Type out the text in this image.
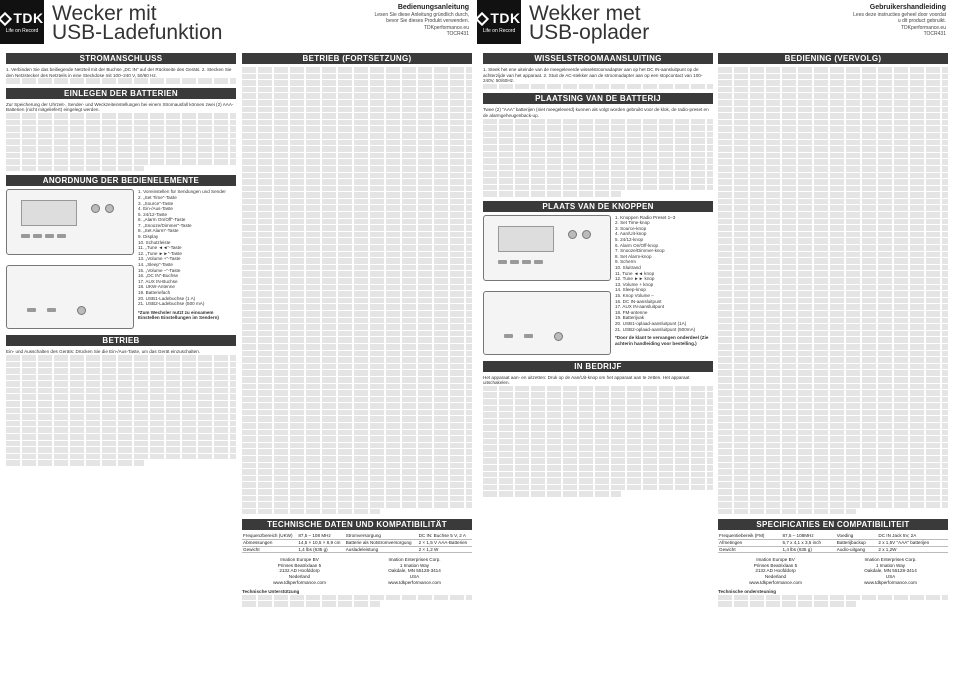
TDK
Life on Record
Wecker mit
USB-Ladefunktion
Bedienungsanleitung
Lesen Sie diese Anleitung gründlich durch,
bevor Sie dieses Produkt verwenden.
TDKperformance.eu
TOCR431
TDK
Life on Record
Wekker met
USB-oplader
Gebruikershandleiding
Lees deze instructies geheel door voordat
u dit product gebruikt.
TDKperformance.eu
TOCR431
STROMANSCHLUSS
1. Verbinden Sie das beiliegende Netzteil mit der Buchse „DC IN“ auf der Rückseite des Geräts. 2. Stecken Sie den Netzstecker des Netzteils in eine Steckdose mit 100–240 V, 50/60 Hz.
EINLEGEN DER BATTERIEN
Zur Speicherung der Uhrzeit-, Sender- und Weckzeiteinstellungen bei einem Stromausfall können zwei (2) AAA-Batterien (nicht mitgeliefert) eingelegt werden.
ANORDNUNG DER BEDIENELEMENTE
1. Voreinstellen für Sendungen und Sender
2. „Set Time“-Taste
3. „Source“-Taste
4. Ein-/Aus-Taste
5. 24/12-Taste
6. „Alarm On/Off“-Taste
7. „Snooze/Dimmer“-Taste
8. „Set Alarm“-Taste
9. Display
10. Schutzleiste
11. „Tune ◄◄“-Taste
12. „Tune ►►“-Taste
13. „Volume +“-Taste
14. „Sleep“-Taste
15. „Volume –“-Taste
16. „DC IN“-Buchse
17. AUX IN-Buchse
18. UKW-Antenne
19. Batteriefach
20. USB1-Ladebuchse (1 A)
21. USB2-Ladebuchse (500 mA)
*Zum Wechsler nutzt zu einsamem Einstellen Einstellungen im Sendern)
BETRIEB
Ein- und Ausschalten des Geräts: Drücken Sie die Ein-/Aus-Taste, um das Gerät einzuschalten.
BETRIEB (FORTSETZUNG)
TECHNISCHE DATEN UND KOMPATIBILITÄT
Frequenzbereich (UKW)	87,5 – 108 MHz	Stromversorgung	DC IN: Buchse 5 V, 2 A
Abmessungen	14,5 × 10,5 × 8,9 cm	Batterie als Notstromversorgung	2 × 1,5 V AAA-Batterien
Gewicht	1,4 lbs (635 g)	Ausladeleistung	2 × 1,2 W
Imation Europe BV
Prinses Beatrixlaan 5
2132 AD Hoofddorp
Nederland
www.tdkperformance.com
Imation Enterprises Corp.
1 Imation Way
Oakdale, MN 55128-3414
USA
www.tdkperformance.com
Technische Unterstützung
WISSELSTROOMAANSLUITING
1. Steek het ene uiteinde van de meegeleverde wisselstroomadapter aan op het DC IN-aansluitpunt op de achterzijde van het apparaat. 2. Stuit de AC-stekker aan de stroomadapter aan op een stopcontact van 100-240V, 50/60Hz.
PLAATSING VAN DE BATTERIJ
Twee (2) "AAA" batterijen (niet meegeleverd) kunnen als volgt worden gebruikt voor de klok, de radio-preset en de alarmgeheugenback-up.
PLAATS VAN DE KNOPPEN
1. Knoppen Radio Preset 1–3
2. Set Time-knop
3. Source-knop
4. Aan/Uit-knop
5. 24/12-knop
6. Alarm On/Off-knop
7. Snooze/Dimmer-knop
8. Set Alarm-knop
9. Scherm
10. Sluitrand
11. Tune ◄◄ knop
12. Tune ►► knop
13. Volume + knop
14. Sleep-knop
15. Knop Volume –
16. DC IN-aansluitpunt
17. AUX IN-aansluitpunt
18. FM-antenne
19. Batterijvak
20. USB1-oplaad-aansluitpunt (1A)
21. USB2-oplaad-aansluitpunt (500mA)
*Door de klant te vervangen onderdeel (Zie achterin handleiding voor bestelling.)
IN BEDRIJF
Het apparaat aan- en uitzetten: Druk op de Aan/Uit-knop om het apparaat aan te zetten. Het apparaat uitschakelen.
BEDIENING (VERVOLG)
SPECIFICATIES EN COMPATIBILITEIT
Frequentiebereik (FM)	87,5 – 108MHz	Voeding	DC IN Jack 5V, 2A
Afmetingen	5,7 x 4,1 x 3,5 inch	Batterijbackup	2 x 1,5V "AAA" batterijen
Gewicht	1,4 lbs (635 g)	Audio-uitgang	2 x 1,2W
Imation Europe BV
Prinses Beatrixlaan 5
2132 AD Hoofddorp
Nederland
www.tdkperformance.com
Imation Enterprises Corp.
1 Imation Way
Oakdale, MN 55128-3414
USA
www.tdkperformance.com
Technische ondersteuning
